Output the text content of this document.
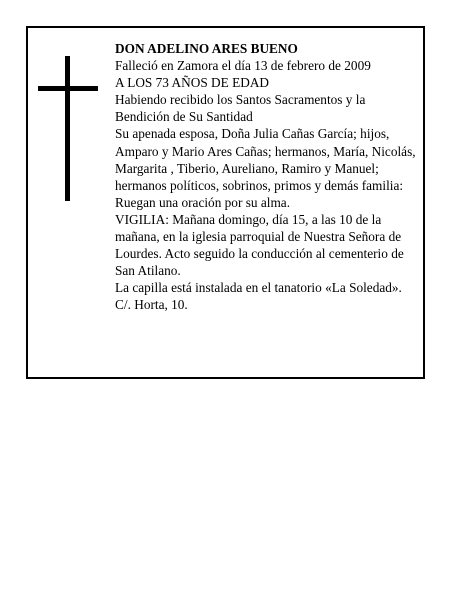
DON ADELINO ARES BUENO

Falleció en Zamora el día 13 de febrero de 2009

A LOS 73 AÑOS DE EDAD

Habiendo recibido los Santos Sacramentos y la Bendición de Su Santidad

Su apenada esposa, Doña Julia Cañas García; hijos, Amparo y Mario Ares Cañas; hermanos, María, Nicolás, Margarita , Tiberio, Aureliano, Ramiro y Manuel; hermanos políticos, sobrinos, primos y demás familia:

Ruegan una oración por su alma.

VIGILIA: Mañana domingo, día 15, a las 10 de la mañana, en la iglesia parroquial de Nuestra Señora de Lourdes. Acto seguido la conducción al cementerio de San Atilano.

La capilla está instalada en el tanatorio «La Soledad».

C/. Horta, 10.
